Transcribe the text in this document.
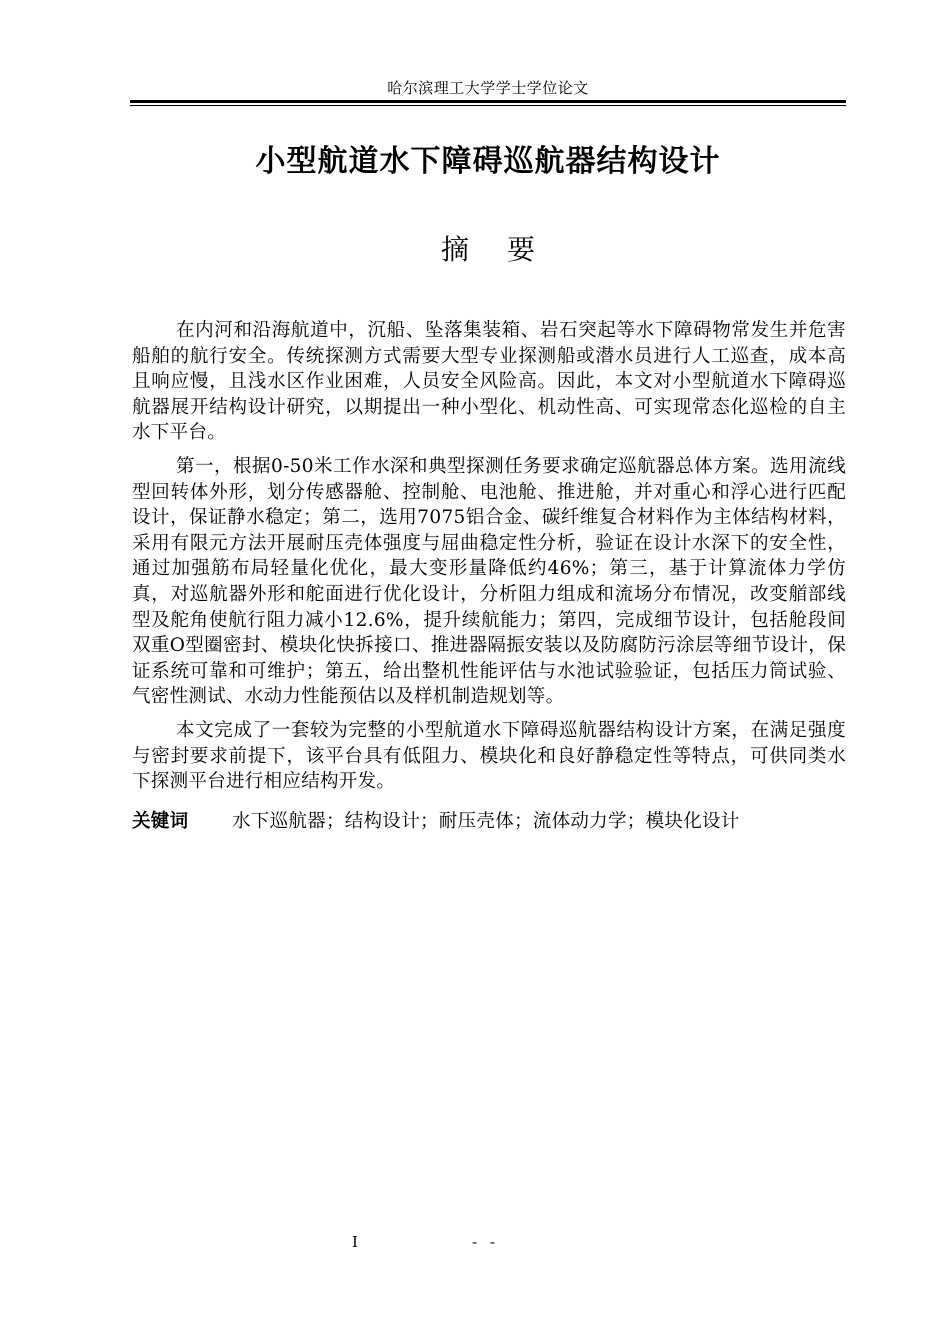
哈尔滨理工大学学士学位论文
小型航道水下障碍巡航器结构设计
摘 要

在内河和沿海航道中，沉船、坠落集装箱、岩石突起等水下障碍物常发生并危害船舶的航行安全。传统探测方式需要大型专业探测船或潜水员进行人工巡查，成本高且响应慢，且浅水区作业困难，人员安全风险高。因此，本文对小型航道水下障碍巡航器展开结构设计研究，以期提出一种小型化、机动性高、可实现常态化巡检的自主水下平台。

第一，根据0-50米工作水深和典型探测任务要求确定巡航器总体方案。选用流线型回转体外形，划分传感器舱、控制舱、电池舱、推进舱，并对重心和浮心进行匹配设计，保证静水稳定；第二，选用7075铝合金、碳纤维复合材料作为主体结构材料，采用有限元方法开展耐压壳体强度与屈曲稳定性分析，验证在设计水深下的安全性，通过加强筋布局轻量化优化，最大变形量降低约46%；第三，基于计算流体力学仿真，对巡航器外形和舵面进行优化设计，分析阻力组成和流场分布情况，改变艏部线型及舵角使航行阻力减小12.6%，提升续航能力；第四，完成细节设计，包括舱段间双重O型圈密封、模块化快拆接口、推进器隔振安装以及防腐防污涂层等细节设计，保证系统可靠和可维护；第五，给出整机性能评估与水池试验验证，包括压力筒试验、气密性测试、水动力性能预估以及样机制造规划等。

本文完成了一套较为完整的小型航道水下障碍巡航器结构设计方案，在满足强度与密封要求前提下，该平台具有低阻力、模块化和良好静稳定性等特点，可供同类水下探测平台进行相应结构开发。

关键词 水下巡航器；结构设计；耐压壳体；流体动力学；模块化设计
I	- -
